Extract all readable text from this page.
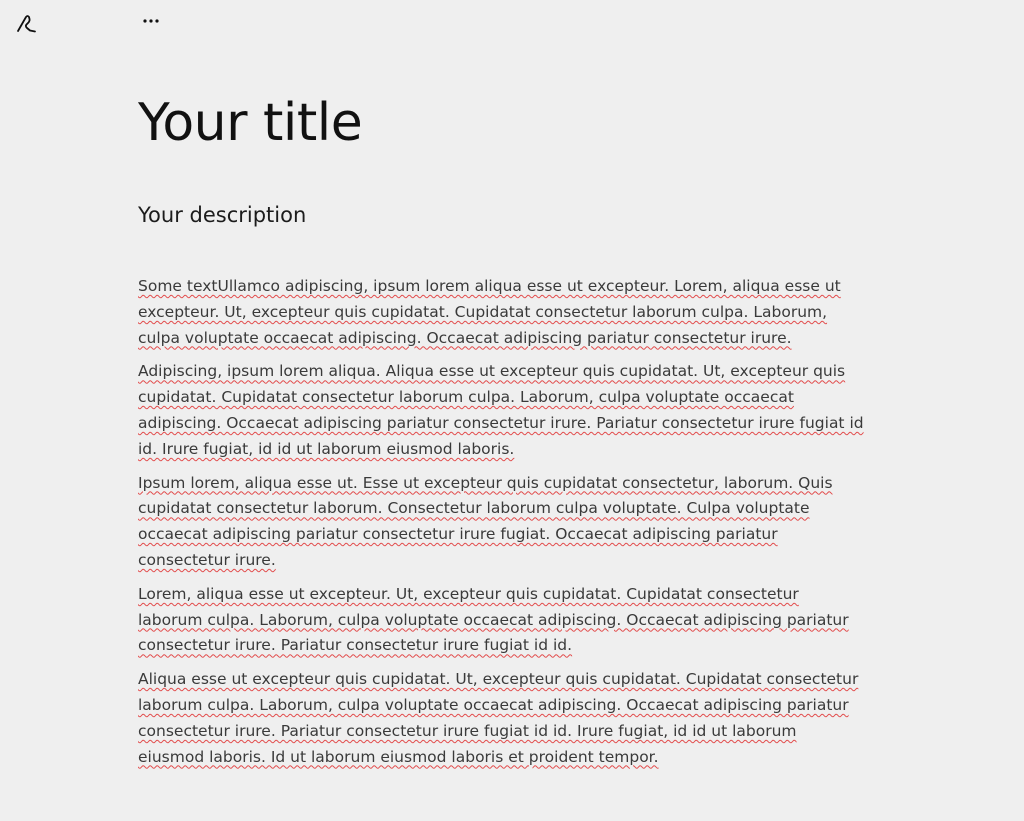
Your title
Your description

Some textUllamco adipiscing, ipsum lorem aliqua esse ut excepteur. Lorem, aliqua esse ut excepteur. Ut, excepteur quis cupidatat. Cupidatat consectetur laborum culpa. Laborum, culpa voluptate occaecat adipiscing. Occaecat adipiscing pariatur consectetur irure.

Adipiscing, ipsum lorem aliqua. Aliqua esse ut excepteur quis cupidatat. Ut, excepteur quis cupidatat. Cupidatat consectetur laborum culpa. Laborum, culpa voluptate occaecat adipiscing. Occaecat adipiscing pariatur consectetur irure. Pariatur consectetur irure fugiat id id. Irure fugiat, id id ut laborum eiusmod laboris.

Ipsum lorem, aliqua esse ut. Esse ut excepteur quis cupidatat consectetur, laborum. Quis cupidatat consectetur laborum. Consectetur laborum culpa voluptate. Culpa voluptate occaecat adipiscing pariatur consectetur irure fugiat. Occaecat adipiscing pariatur consectetur irure.

Lorem, aliqua esse ut excepteur. Ut, excepteur quis cupidatat. Cupidatat consectetur laborum culpa. Laborum, culpa voluptate occaecat adipiscing. Occaecat adipiscing pariatur consectetur irure. Pariatur consectetur irure fugiat id id.

Aliqua esse ut excepteur quis cupidatat. Ut, excepteur quis cupidatat. Cupidatat consectetur laborum culpa. Laborum, culpa voluptate occaecat adipiscing. Occaecat adipiscing pariatur consectetur irure. Pariatur consectetur irure fugiat id id. Irure fugiat, id id ut laborum eiusmod laboris. Id ut laborum eiusmod laboris et proident tempor.
